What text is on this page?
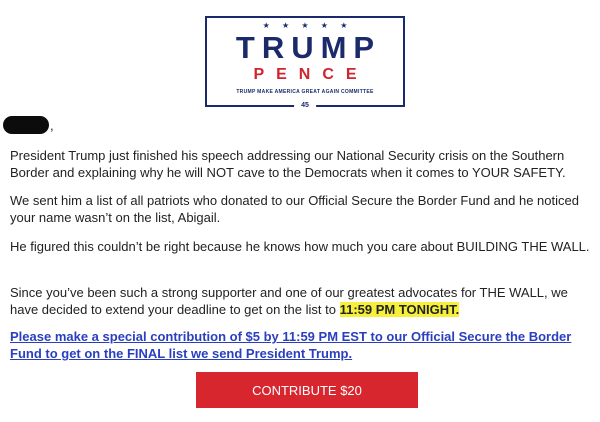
★ ★ ★ ★ ★
TRUMP
PENCE
TRUMP MAKE AMERICA GREAT AGAIN COMMITTEE
45
,

President Trump just finished his speech addressing our National Security crisis on the Southern Border and explaining why he will NOT cave to the Democrats when it comes to YOUR SAFETY.

We sent him a list of all patriots who donated to our Official Secure the Border Fund and he noticed your name wasn’t on the list, Abigail.

He figured this couldn’t be right because he knows how much you care about BUILDING THE WALL.

Since you’ve been such a strong supporter and one of our greatest advocates for THE WALL, we have decided to extend your deadline to get on the list to 11:59 PM TONIGHT.

Please make a special contribution of $5 by 11:59 PM EST to our Official Secure the Border Fund to get on the FINAL list we send President Trump.
CONTRIBUTE $20
